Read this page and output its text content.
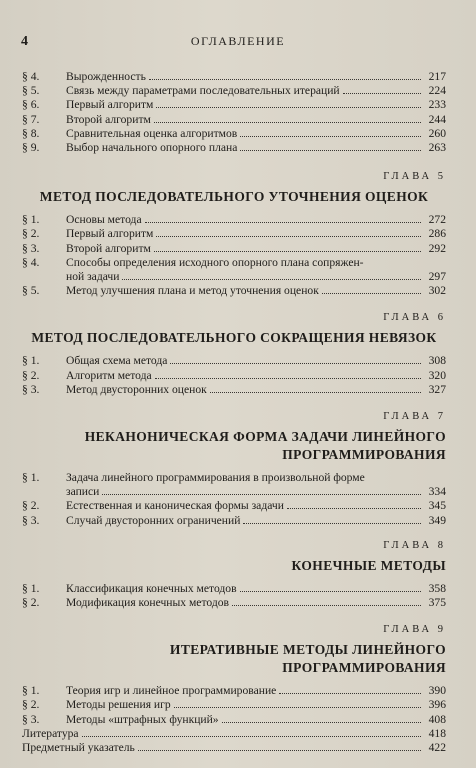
4	ОГЛАВЛЕНИЕ
§ 4.	Вырожденность	217
§ 5.	Связь между параметрами последовательных итераций	224
§ 6.	Первый алгоритм	233
§ 7.	Второй алгоритм	244
§ 8.	Сравнительная оценка алгоритмов	260
§ 9.	Выбор начального опорного плана	263
ГЛАВА 5
МЕТОД ПОСЛЕДОВАТЕЛЬНОГО УТОЧНЕНИЯ ОЦЕНОК
§ 1.	Основы метода	272
§ 2.	Первый алгоритм	286
§ 3.	Второй алгоритм	292
§ 4.	Способы определения исходного опорного плана сопряжен-
ной задачи	297
§ 5.	Метод улучшения плана и метод уточнения оценок	302
ГЛАВА 6
МЕТОД ПОСЛЕДОВАТЕЛЬНОГО СОКРАЩЕНИЯ НЕВЯЗОК
§ 1.	Общая схема метода	308
§ 2.	Алгоритм метода	320
§ 3.	Метод двусторонних оценок	327
ГЛАВА 7
НЕКАНОНИЧЕСКАЯ ФОРМА ЗАДАЧИ ЛИНЕЙНОГО
ПРОГРАММИРОВАНИЯ
§ 1.	Задача линейного программирования в произвольной форме
записи	334
§ 2.	Естественная и каноническая формы задачи	345
§ 3.	Случай двусторонних ограничений	349
ГЛАВА 8
КОНЕЧНЫЕ МЕТОДЫ
§ 1.	Классификация конечных методов	358
§ 2.	Модификация конечных методов	375
ГЛАВА 9
ИТЕРАТИВНЫЕ МЕТОДЫ ЛИНЕЙНОГО
ПРОГРАММИРОВАНИЯ
§ 1.	Теория игр и линейное программирование	390
§ 2.	Методы решения игр	396
§ 3.	Методы «штрафных функций»	408
Литература	418
Предметный указатель	422
